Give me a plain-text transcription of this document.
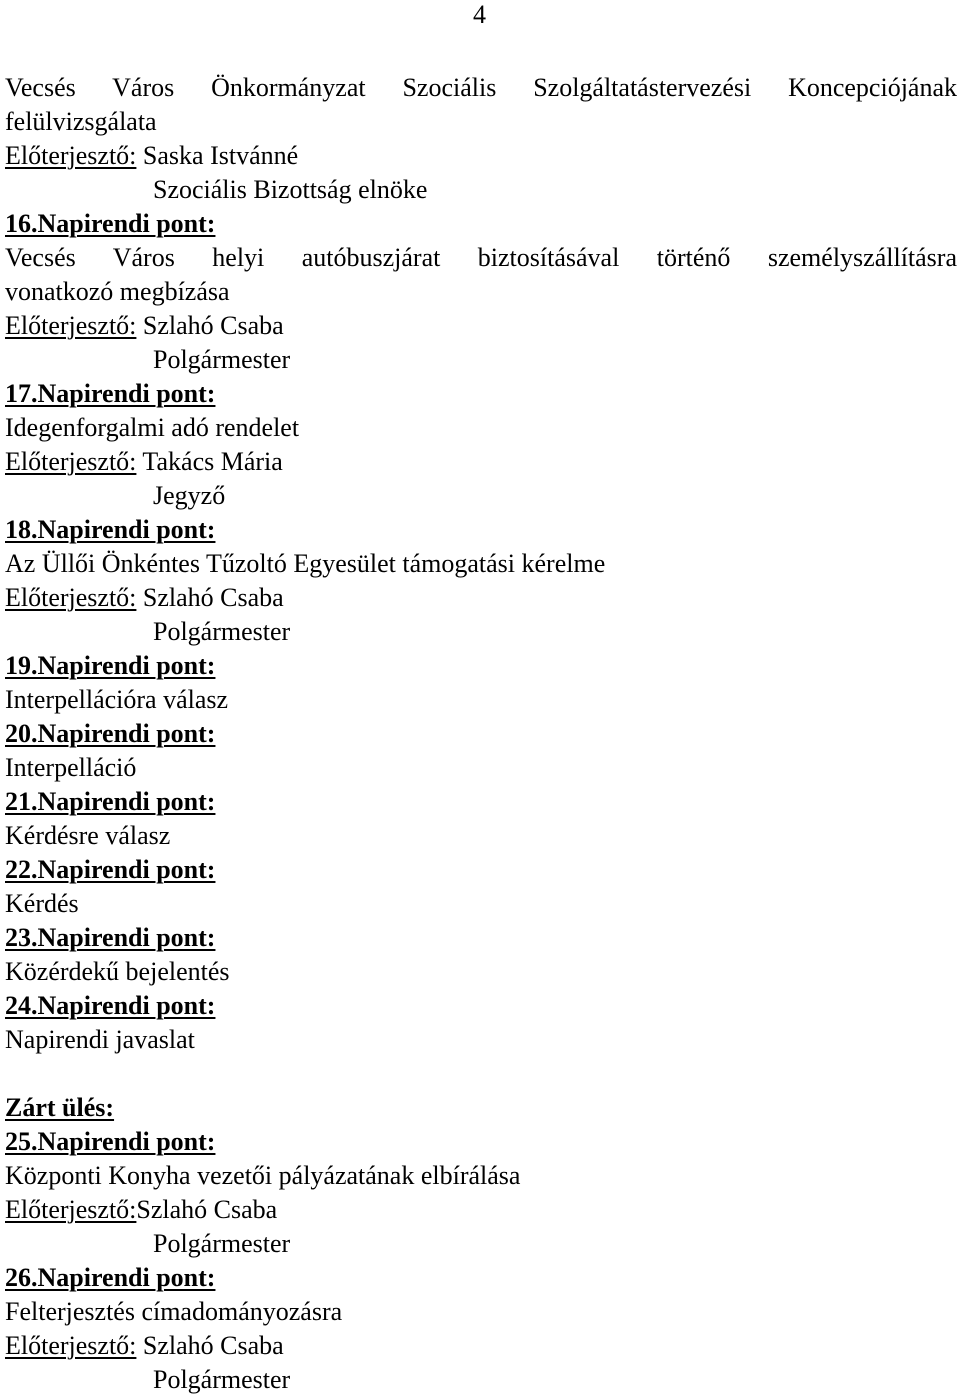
4
Vecsés Város Önkormányzat Szociális Szolgáltatástervezési Koncepciójának
felülvizsgálata
Előterjesztő: Saska Istvánné
Szociális Bizottság elnöke
16.Napirendi pont:
Vecsés Város helyi autóbuszjárat biztosításával történő személyszállításra
vonatkozó megbízása
Előterjesztő: Szlahó Csaba
Polgármester
17.Napirendi pont:
Idegenforgalmi adó rendelet
Előterjesztő: Takács Mária
Jegyző
18.Napirendi pont:
Az Üllői Önkéntes Tűzoltó Egyesület támogatási kérelme
Előterjesztő: Szlahó Csaba
Polgármester
19.Napirendi pont:
Interpellációra válasz
20.Napirendi pont:
Interpelláció
21.Napirendi pont:
Kérdésre válasz
22.Napirendi pont:
Kérdés
23.Napirendi pont:
Közérdekű bejelentés
24.Napirendi pont:
Napirendi javaslat
Zárt ülés:
25.Napirendi pont:
Központi Konyha vezetői pályázatának elbírálása
Előterjesztő:Szlahó Csaba
Polgármester
26.Napirendi pont:
Felterjesztés címadományozásra
Előterjesztő: Szlahó Csaba
Polgármester
